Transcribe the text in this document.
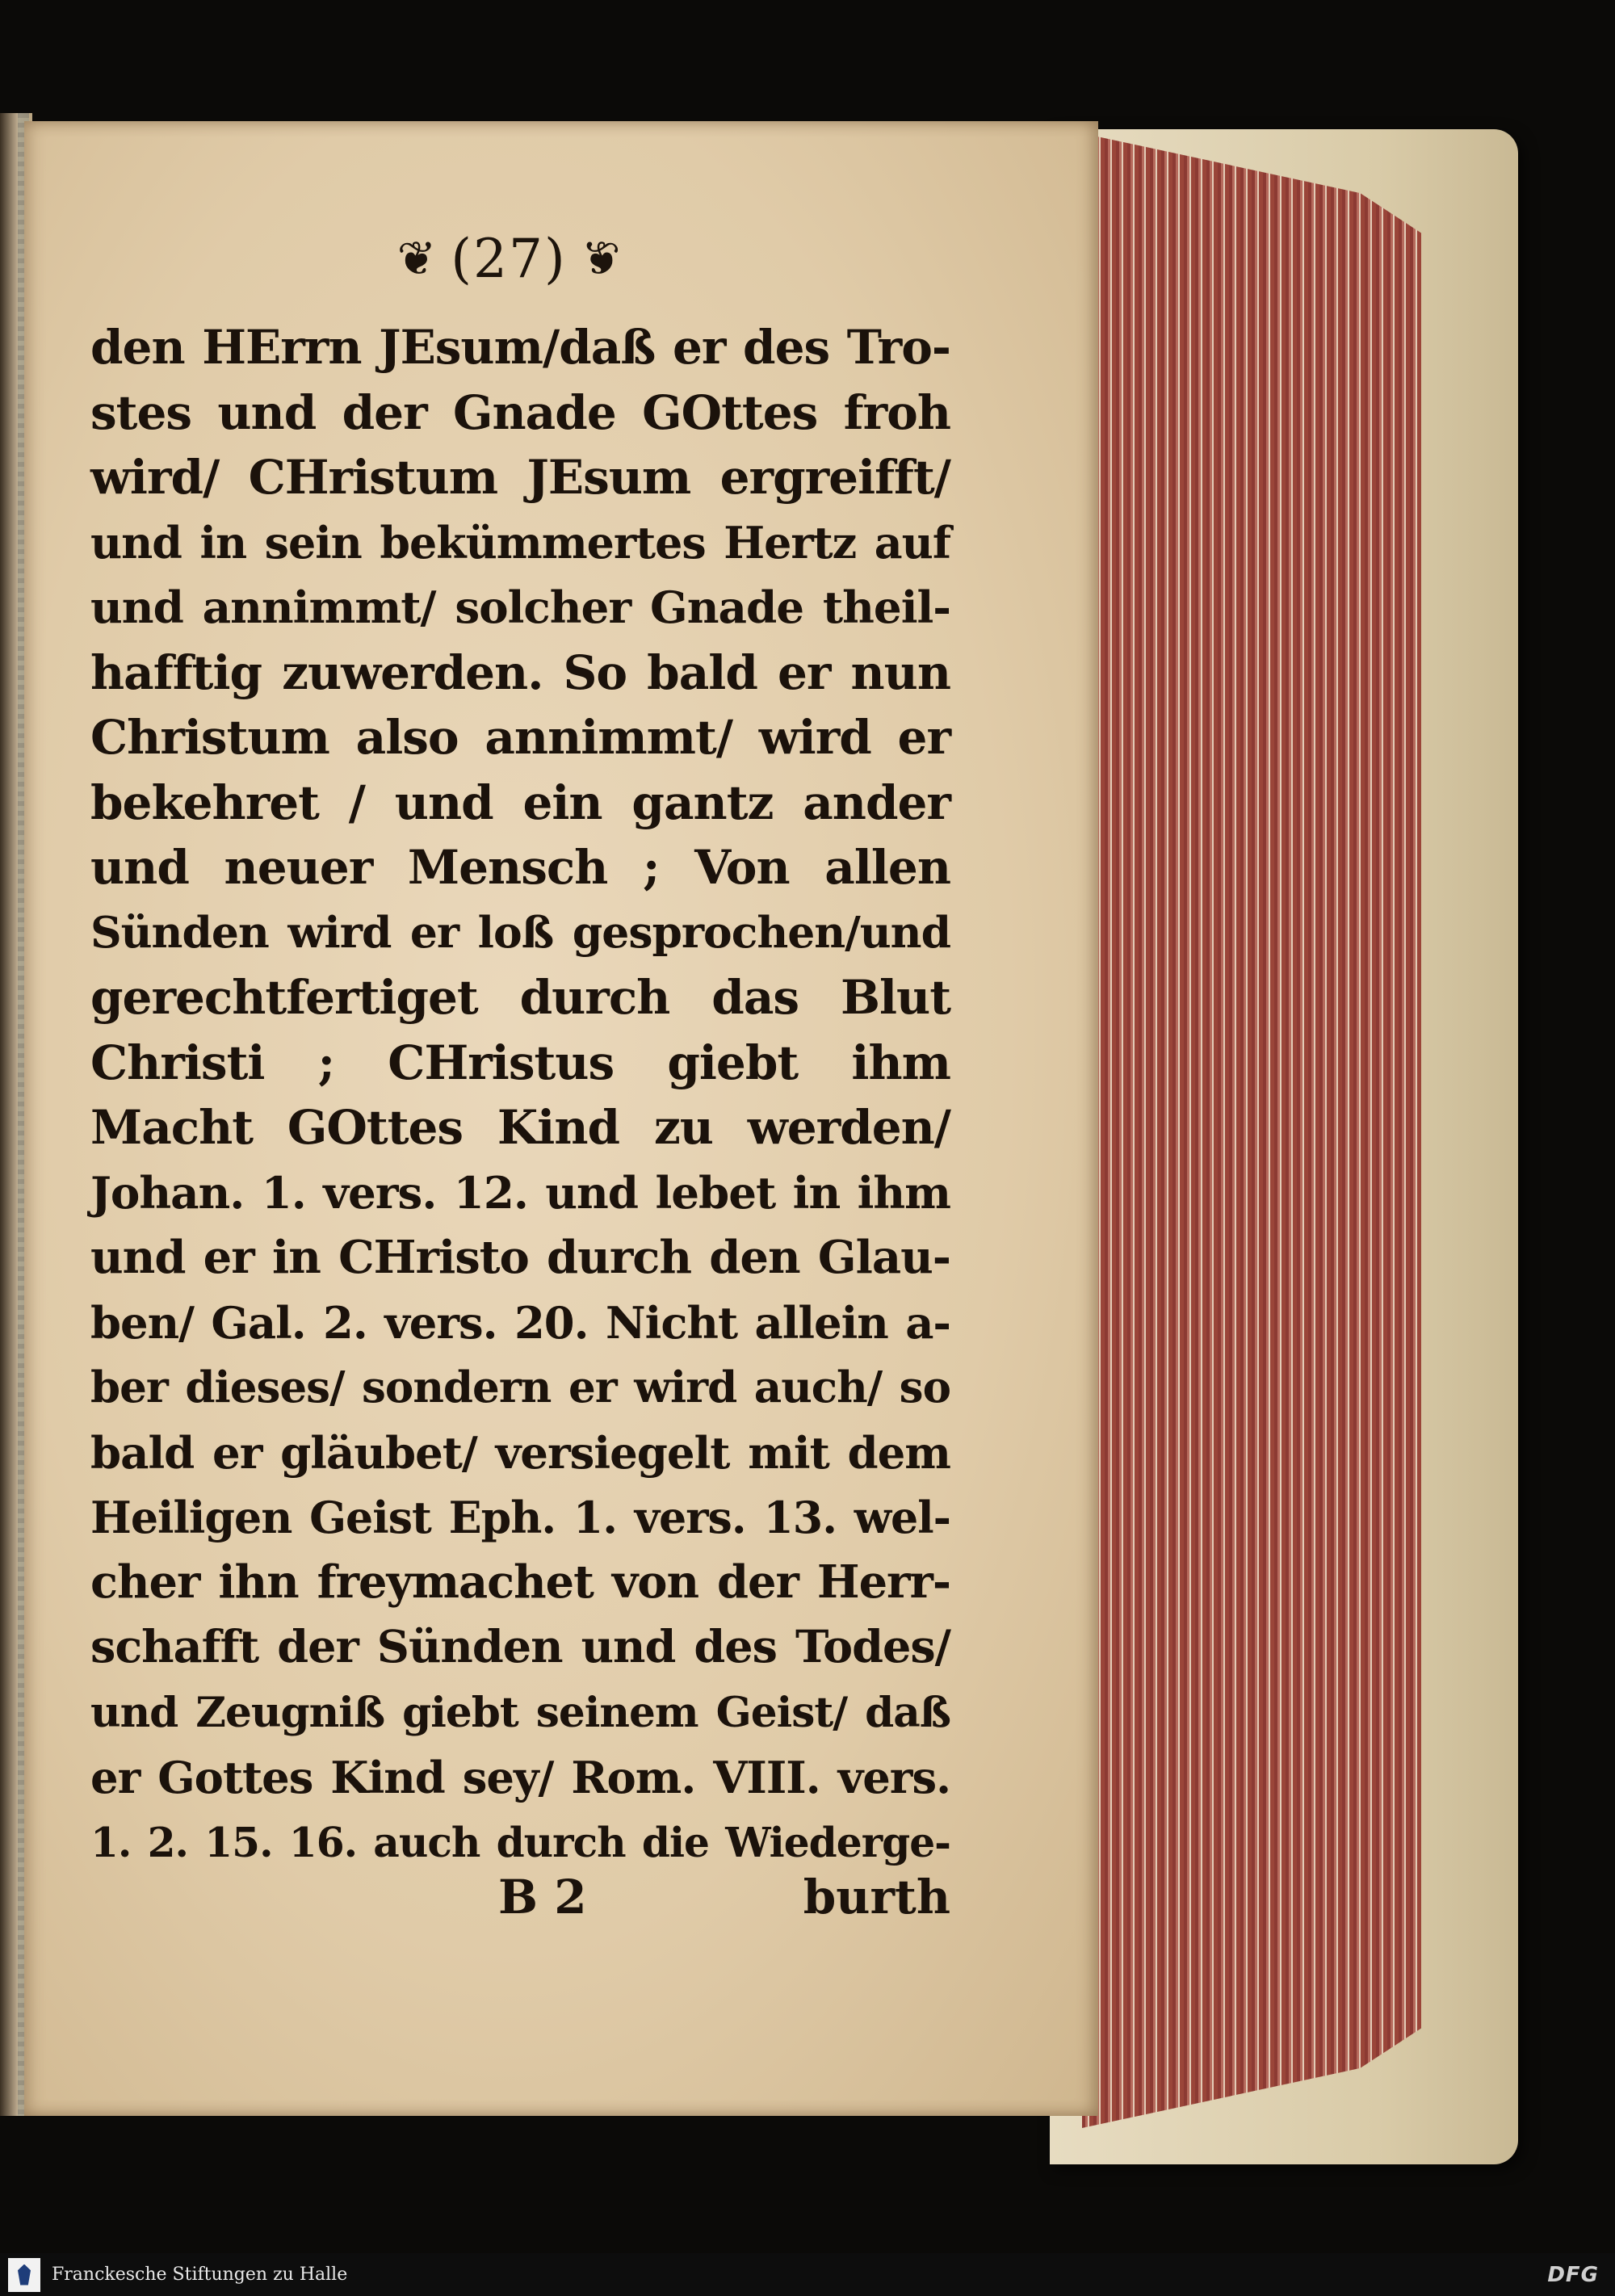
❦ (27) ❦
den HErrn JEsum/daß er des Tro-
stes und der Gnade GOttes froh
wird/ CHristum JEsum ergreifft/
und in sein bekümmertes Hertz auf
und annimmt/ solcher Gnade theil-
hafftig zuwerden. So bald er nun
Christum also annimmt/ wird er
bekehret / und ein gantz ander
und neuer Mensch ; Von allen
Sünden wird er loß gesprochen/und
gerechtfertiget durch das Blut
Christi ; CHristus giebt ihm
Macht GOttes Kind zu werden/
Johan. 1. vers. 12. und lebet in ihm
und er in CHristo durch den Glau-
ben/ Gal. 2. vers. 20. Nicht allein a-
ber dieses/ sondern er wird auch/ so
bald er gläubet/ versiegelt mit dem
Heiligen Geist Eph. 1. vers. 13. wel-
cher ihn freymachet von der Herr-
schafft der Sünden und des Todes/
und Zeugniß giebt seinem Geist/ daß
er Gottes Kind sey/ Rom. VIII. vers.
1. 2. 15. 16. auch durch die Wiederge-
B 2	burth
Franckesche Stiftungen zu Halle	DFG
